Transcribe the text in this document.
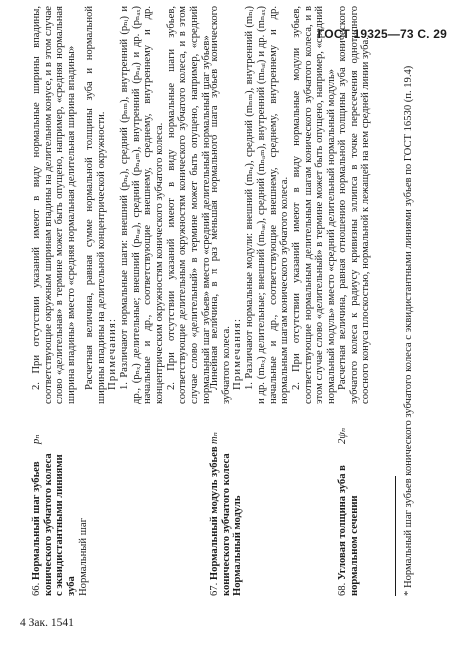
ГОСТ 19325—73 С. 29

66. Нормальный шаг зубьев конического зубчатого колеса с эквидистантными линиями зуба Нормальный шаг

pₙ

2. При отсутствии указаний имеют в виду нормальные ширины впадины, соответствующие окружным ширинам впадины на делительном конусе, и в этом случае слово «делительная» в термине может быть опущено, например, «средняя нормальная ширина впадины» вместо «средняя нормальная делительная ширина впадины» Расчетная величина, равная сумме нормальной толщины зуба и нормальной ширины впадины на делительной концентрической окружности. Примечания: 1. Различают нормальные шаги: внешний (pₙₑ), средний (pₙₘ), внутренний (pₙᵢ) и др., (pₙₓ) делительные; внешний (pₙₐₑ), средний (pₙₐₘ), внутренний (pₙₐᵢ) и др. (pₙₐₓ) начальные и др., соответствующие внешнему, среднему, внутреннему и др. концентрическим окружностям конического зубчатого колеса. 2. При отсутствии указаний имеют в виду нормальные шаги зубьев, соответствующие делительным окружностям конического зубчатого колеса, и в этом случае слово «делительный» в термине может быть опущено, например, «средний нормальный шаг зубьев» вместо «средний делительный нормальный шаг зубьев»

67. Нормальный модуль зубьев конического зубчатого колеса Нормальный модуль

mₙ

Линейная величина, в π раз меньшая нормального шага зубьев конического зубчатого колеса. Примечания: 1. Различают нормальные модули: внешний (mₙₑ), средний (mₙₘ), внутренний (mₙᵢ) и др. (mₙₓ) делительные; внешний (mₙₐₑ), средний (mₙₐₘ), внутренний (mₙₐᵢ) и др. (mₙₐₓ) начальные и др., соответствующие внешнему, среднему, внутреннему и др. нормальным шагам конического зубчатого колеса. 2. При отсутствии указаний имеют в виду нормальные модули зубьев, соответствующие нормальным делительным шагам конического зубчатого колеса, и в этом случае слово «делительный» в термине может быть опущено, например, «средний нормальный модуль» вместо «средний делительный нормальный модуль»

68. Угловая толщина зуба в нормальном сечении

2ψₙ

Расчетная величина, равная отношению нормальной толщины зуба конического зубчатого колеса к радиусу кривизны эллипса в точке пересечения однотипного соосного конуса плоскостью, нормальной к лежащей на нем средней линии зуба.	* Нормальный шаг зубьев конического зубчатого колеса с эквидистантными линиями зубьев по ГОСТ 16530 (п. 19.4)

4 Зак. 1541
